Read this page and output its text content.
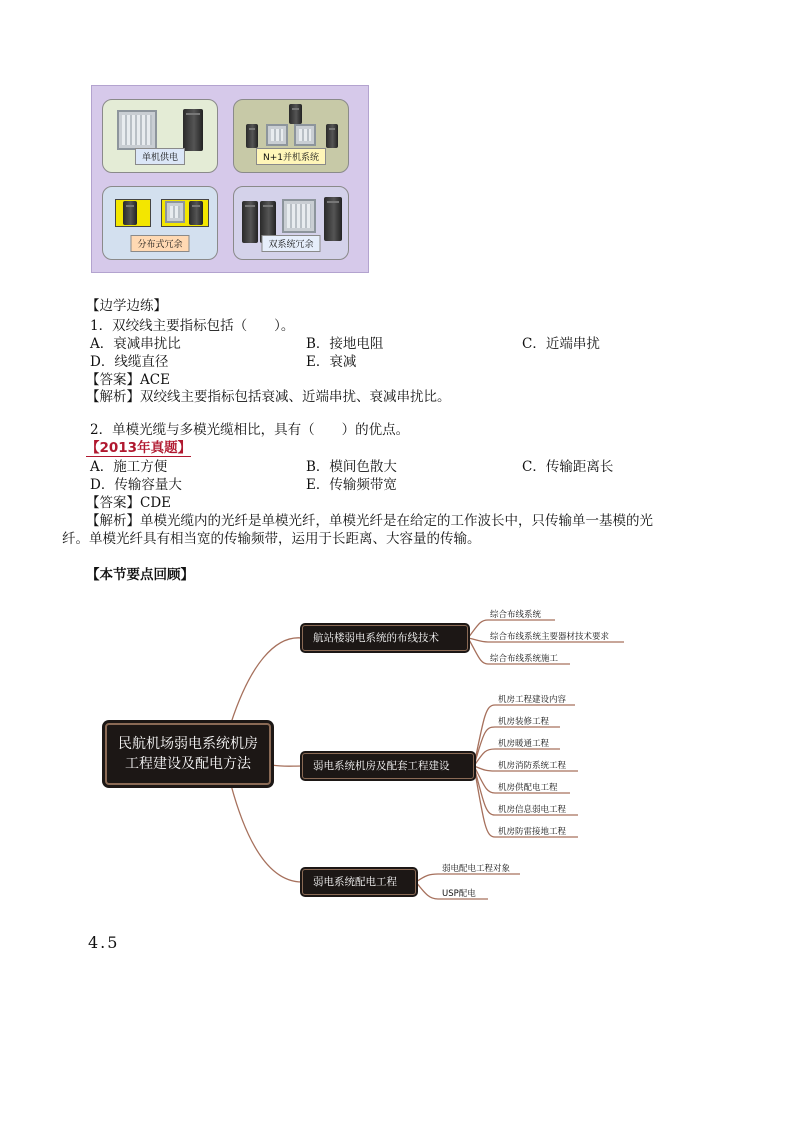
单机供电	N+1并机系统
分布式冗余	双系统冗余
【边学边练】
1．双绞线主要指标包括（　　）。
A．衰减串扰比	B．接地电阻	C．近端串扰
D．线缆直径	E．衰减
【答案】ACE
【解析】双绞线主要指标包括衰减、近端串扰、衰减串扰比。
2．单模光缆与多模光缆相比，具有（　　）的优点。
【2013年真题】
A．施工方便	B．模间色散大	C．传输距离长
D．传输容量大	E．传输频带宽
【答案】CDE
【解析】单模光缆内的光纤是单模光纤，单模光纤是在给定的工作波长中，只传输单一基模的光
纤。单模光纤具有相当宽的传输频带，运用于长距离、大容量的传输。
【本节要点回顾】
民航机场弱电系统机房
工程建设及配电方法
航站楼弱电系统的布线技术
弱电系统机房及配套工程建设
弱电系统配电工程
综合布线系统
综合布线系统主要器材技术要求
综合布线系统施工
机房工程建设内容
机房装修工程
机房暖通工程
机房消防系统工程
机房供配电工程
机房信息弱电工程
机房防雷接地工程
弱电配电工程对象
USP配电
4.5
